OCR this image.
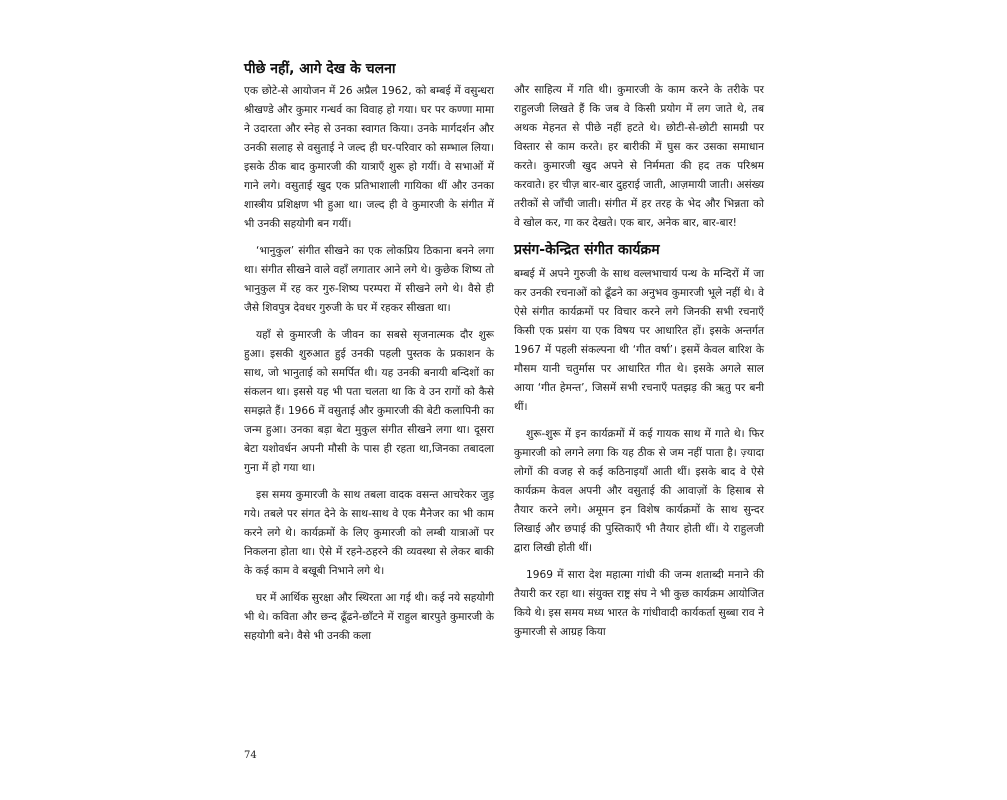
पीछे नहीं, आगे देख के चलना

एक छोटे-से आयोजन में 26 अप्रैल 1962, को बम्बई में वसुन्धरा श्रीखण्डे और कुमार गन्धर्व का विवाह हो गया। घर पर कण्णा मामा ने उदारता और स्नेह से उनका स्वागत किया। उनके मार्गदर्शन और उनकी सलाह से वसुताई ने जल्द ही घर-परिवार को सम्भाल लिया। इसके ठीक बाद कुमारजी की यात्राएँ शुरू हो गयीं। वे सभाओं में गाने लगे। वसुताई खुद एक प्रतिभाशाली गायिका थीं और उनका शास्त्रीय प्रशिक्षण भी हुआ था। जल्द ही वे कुमारजी के संगीत में भी उनकी सहयोगी बन गयीं।

‘भानुकुल’ संगीत सीखने का एक लोकप्रिय ठिकाना बनने लगा था। संगीत सीखने वाले वहाँ लगातार आने लगे थे। कुछेक शिष्य तो भानुकुल में रह कर गुरु-शिष्य परम्परा में सीखने लगे थे। वैसे ही जैसे शिवपुत्र देवधर गुरुजी के घर में रहकर सीखता था।

यहाँ से कुमारजी के जीवन का सबसे सृजनात्मक दौर शुरू हुआ। इसकी शुरुआत हुई उनकी पहली पुस्तक के प्रकाशन के साथ, जो भानुताई को समर्पित थी। यह उनकी बनायी बन्दिशों का संकलन था। इससे यह भी पता चलता था कि वे उन रागों को कैसे समझते हैं। 1966 में वसुताई और कुमारजी की बेटी कलापिनी का जन्म हुआ। उनका बड़ा बेटा मुकुल संगीत सीखने लगा था। दूसरा बेटा यशोवर्धन अपनी मौसी के पास ही रहता था,जिनका तबादला गुना में हो गया था।

इस समय कुमारजी के साथ तबला वादक वसन्त आचरेकर जुड़ गये। तबले पर संगत देने के साथ-साथ वे एक मैनेजर का भी काम करने लगे थे। कार्यक्रमों के लिए कुमारजी को लम्बी यात्राओं पर निकलना होता था। ऐसे में रहने-ठहरने की व्यवस्था से लेकर बाकी के कई काम वे बखूबी निभाने लगे थे।

घर में आर्थिक सुरक्षा और स्थिरता आ गई थी। कई नये सहयोगी भी थे। कविता और छन्द ढूँढने-छाँटने में राहुल बारपुते कुमारजी के सहयोगी बने। वैसे भी उनकी कला

और साहित्य में गति थी। कुमारजी के काम करने के तरीके पर राहुलजी लिखते हैं कि जब वे किसी प्रयोग में लग जाते थे, तब अथक मेहनत से पीछे नहीं हटते थे। छोटी-से-छोटी सामग्री पर विस्तार से काम करते। हर बारीकी में घुस कर उसका समाधान करते। कुमारजी खुद अपने से निर्ममता की हद तक परिश्रम करवाते। हर चीज़ बार-बार दुहराई जाती, आज़मायी जाती। असंख्य तरीकों से जाँची जाती। संगीत में हर तरह के भेद और भिन्नता को वे खोल कर, गा कर देखते। एक बार, अनेक बार, बार-बार!

प्रसंग-केन्द्रित संगीत कार्यक्रम

बम्बई में अपने गुरुजी के साथ वल्लभाचार्य पन्थ के मन्दिरों में जा कर उनकी रचनाओं को ढूँढने का अनुभव कुमारजी भूले नहीं थे। वे ऐसे संगीत कार्यक्रमों पर विचार करने लगे जिनकी सभी रचनाएँ किसी एक प्रसंग या एक विषय पर आधारित हों। इसके अन्तर्गत 1967 में पहली संकल्पना थी ‘गीत वर्षा’। इसमें केवल बारिश के मौसम यानी चतुर्मास पर आधारित गीत थे। इसके अगले साल आया ‘गीत हेमन्त’, जिसमें सभी रचनाएँ पतझड़ की ऋतु पर बनी थीं।

शुरू-शुरू में इन कार्यक्रमों में कई गायक साथ में गाते थे। फिर कुमारजी को लगने लगा कि यह ठीक से जम नहीं पाता है। ज़्यादा लोगों की वजह से कई कठिनाइयाँ आती थीं। इसके बाद वे ऐसे कार्यक्रम केवल अपनी और वसुताई की आवाज़ों के हिसाब से तैयार करने लगे। अमूमन इन विशेष कार्यक्रमों के साथ सुन्दर लिखाई और छपाई की पुस्तिकाएँ भी तैयार होती थीं। ये राहुलजी द्वारा लिखी होती थीं।

1969 में सारा देश महात्मा गांधी की जन्म शताब्दी मनाने की तैयारी कर रहा था। संयुक्त राष्ट्र संघ ने भी कुछ कार्यक्रम आयोजित किये थे। इस समय मध्य भारत के गांधीवादी कार्यकर्ता सुब्बा राव ने कुमारजी से आग्रह किया

74
